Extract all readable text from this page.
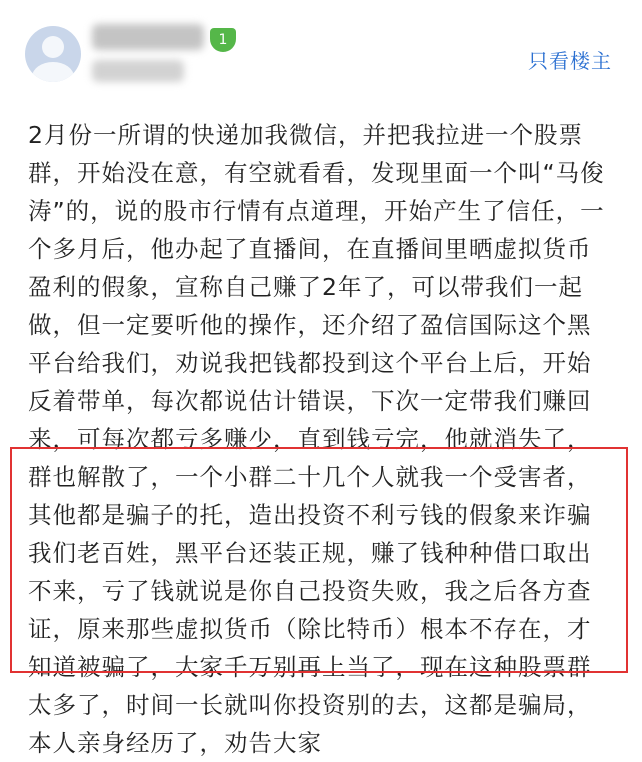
1
只看楼主
2月份一所谓的快递加我微信，并把我拉进一个股票
群，开始没在意，有空就看看，发现里面一个叫“马俊
涛”的，说的股市行情有点道理，开始产生了信任，一
个多月后，他办起了直播间，在直播间里晒虚拟货币
盈利的假象，宣称自己赚了2年了，可以带我们一起
做，但一定要听他的操作，还介绍了盈信国际这个黑
平台给我们，劝说我把钱都投到这个平台上后，开始
反着带单，每次都说估计错误，下次一定带我们赚回
来，可每次都亏多赚少，直到钱亏完，他就消失了，
群也解散了，一个小群二十几个人就我一个受害者，
其他都是骗子的托，造出投资不利亏钱的假象来诈骗
我们老百姓，黑平台还装正规，赚了钱种种借口取出
不来，亏了钱就说是你自己投资失败，我之后各方查
证，原来那些虚拟货币（除比特币）根本不存在，才
知道被骗了，大家千万别再上当了，现在这种股票群
太多了，时间一长就叫你投资别的去，这都是骗局，
本人亲身经历了，劝告大家
